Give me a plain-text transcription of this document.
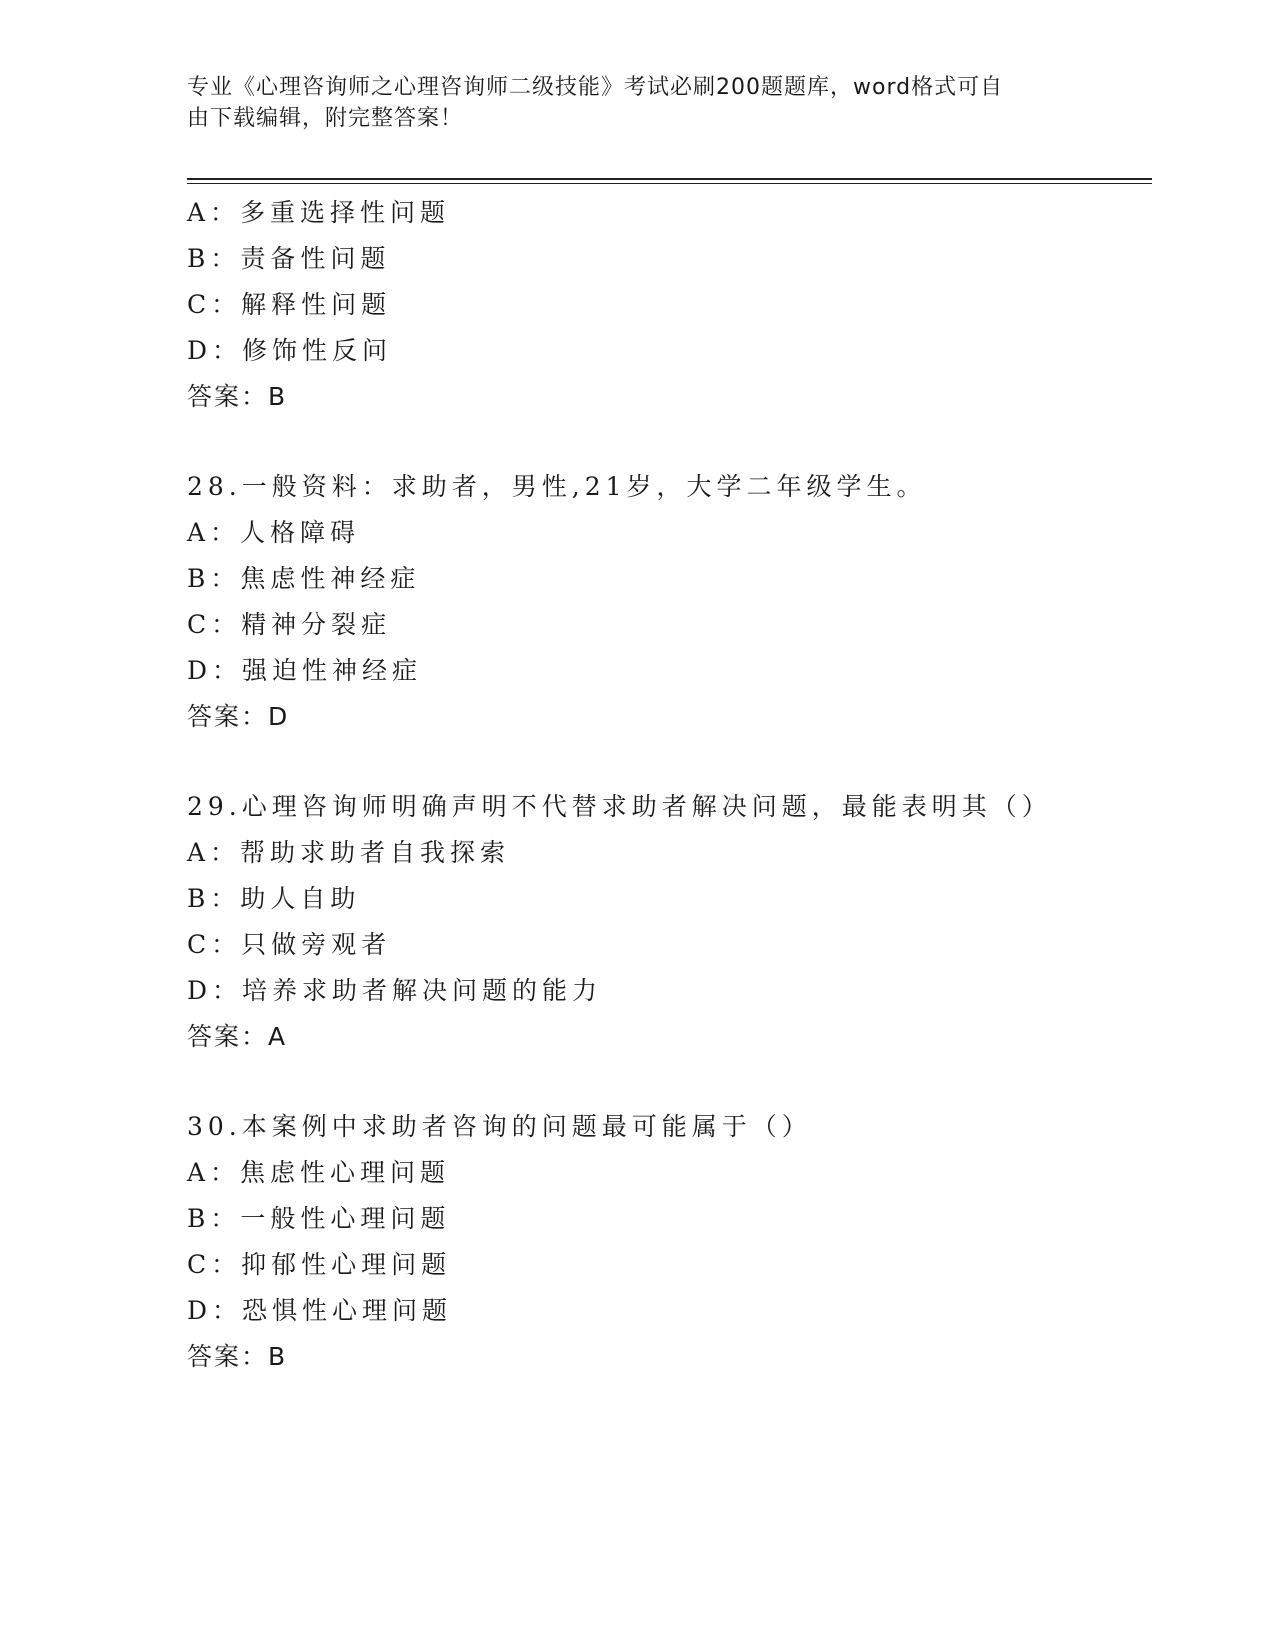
专业《心理咨询师之心理咨询师二级技能》考试必刷200题题库，word格式可自
由下载编辑，附完整答案！
A：多重选择性问题
B：责备性问题
C：解释性问题
D：修饰性反问
答案：B
28.一般资料：求助者，男性,21岁，大学二年级学生。
A：人格障碍
B：焦虑性神经症
C：精神分裂症
D：强迫性神经症
答案：D
29.心理咨询师明确声明不代替求助者解决问题，最能表明其（）
A：帮助求助者自我探索
B：助人自助
C：只做旁观者
D：培养求助者解决问题的能力
答案：A
30.本案例中求助者咨询的问题最可能属于（）
A：焦虑性心理问题
B：一般性心理问题
C：抑郁性心理问题
D：恐惧性心理问题
答案：B
